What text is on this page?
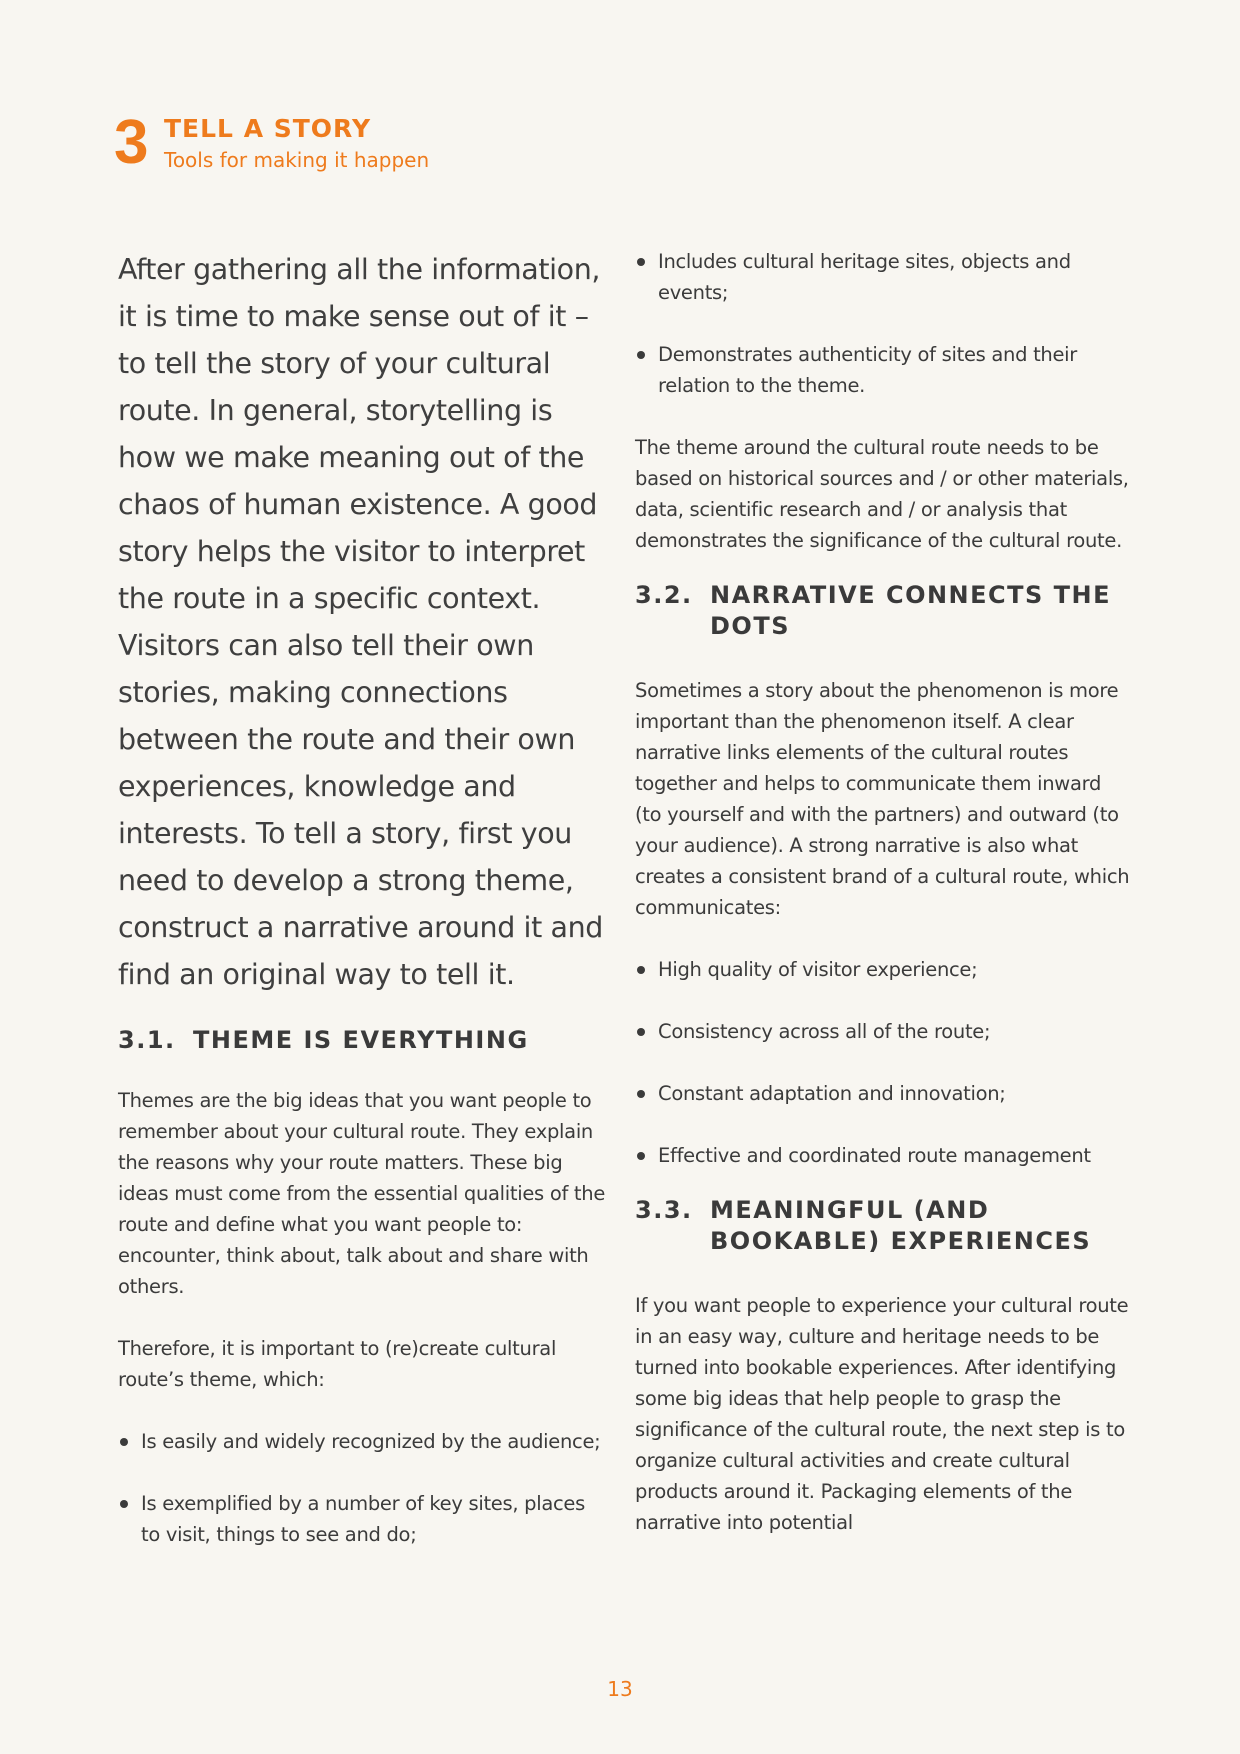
3 TELL A STORY
Tools for making it happen

After gathering all the information, it is time to make sense out of it – to tell the story of your cultural route. In general, storytelling is how we make meaning out of the chaos of human existence. A good story helps the visitor to interpret the route in a specific context. Visitors can also tell their own stories, making connections between the route and their own experiences, knowledge and interests. To tell a story, first you need to develop a strong theme, construct a narrative around it and find an original way to tell it.

3.1. THEME IS EVERYTHING

Themes are the big ideas that you want people to remember about your cultural route. They explain the reasons why your route matters. These big ideas must come from the essential qualities of the route and define what you want people to: encounter, think about, talk about and share with others.

Therefore, it is important to (re)create cultural route’s theme, which:

Is easily and widely recognized by the audience;
Is exemplified by a number of key sites, places to visit, things to see and do;
Includes cultural heritage sites, objects and events;
Demonstrates authenticity of sites and their relation to the theme.

The theme around the cultural route needs to be based on historical sources and / or other materials, data, scientific research and / or analysis that demonstrates the significance of the cultural route.

3.2. NARRATIVE CONNECTS THE DOTS

Sometimes a story about the phenomenon is more important than the phenomenon itself. A clear narrative links elements of the cultural routes together and helps to communicate them inward (to yourself and with the partners) and outward (to your audience). A strong narrative is also what creates a consistent brand of a cultural route, which communicates:

High quality of visitor experience;
Consistency across all of the route;
Constant adaptation and innovation;
Effective and coordinated route management
3.3. MEANINGFUL (AND BOOKABLE) EXPERIENCES

If you want people to experience your cultural route in an easy way, culture and heritage needs to be turned into bookable experiences. After identifying some big ideas that help people to grasp the significance of the cultural route, the next step is to organize cultural activities and create cultural products around it. Packaging elements of the narrative into potential

13
